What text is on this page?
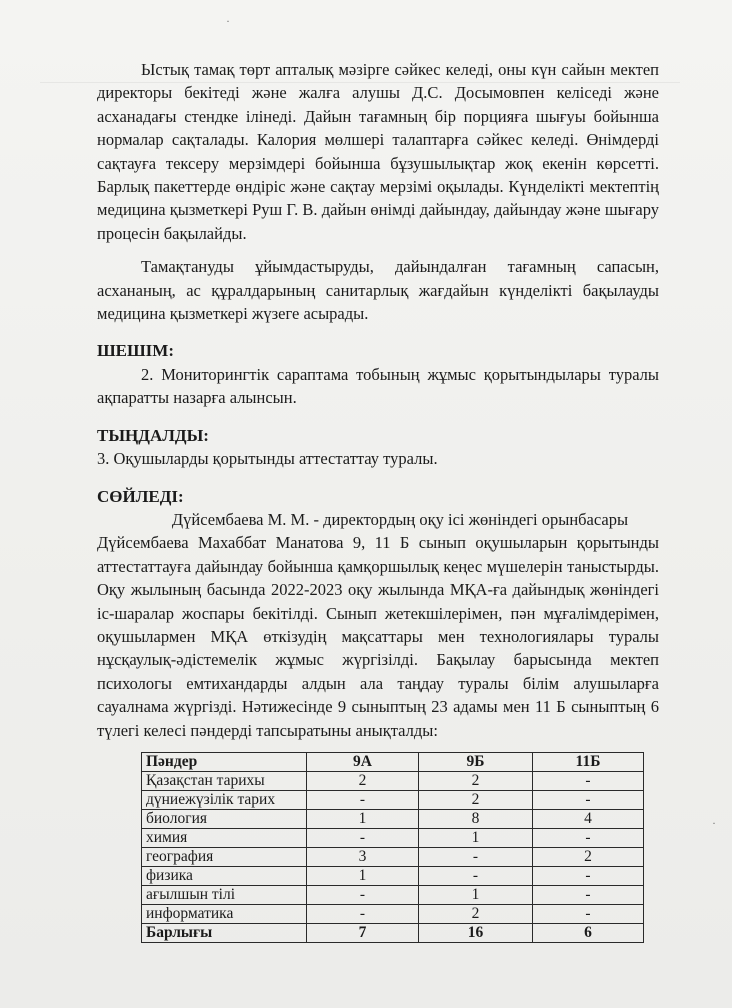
Ыстық тамақ төрт апталық мәзірге сәйкес келеді, оны күн сайын мектеп директоры бекітеді және жалға алушы Д.С. Досымовпен келіседі және асханадағы стендке ілінеді. Дайын тағамның бір порцияға шығуы бойынша нормалар сақталады. Калория мөлшері талаптарға сәйкес келеді. Өнімдерді сақтауға тексеру мерзімдері бойынша бұзушылықтар жоқ екенін көрсетті. Барлық пакеттерде өндіріс және сақтау мерзімі оқылады. Күнделікті мектептің медицина қызметкері Руш Г. В. дайын өнімді дайындау, дайындау және шығару процесін бақылайды.

Тамақтануды ұйымдастыруды, дайындалған тағамның сапасын, асхананың, ас құралдарының санитарлық жағдайын күнделікті бақылауды медицина қызметкері жүзеге асырады.

ШЕШІМ:

2. Мониторингтік сараптама тобының жұмыс қорытындылары туралы ақпаратты назарға алынсын.

ТЫҢДАЛДЫ:

3. Оқушыларды қорытынды аттестаттау туралы.

СӨЙЛЕДІ:

Дүйсембаева М. М. - директордың оқу ісі жөніндегі орынбасары

Дүйсембаева Махаббат Манатова 9, 11 Б сынып оқушыларын қорытынды аттестаттауға дайындау бойынша қамқоршылық кеңес мүшелерін таныстырды. Оқу жылының басында 2022-2023 оқу жылында МҚА-ға дайындық жөніндегі іс-шаралар жоспары бекітілді. Сынып жетекшілерімен, пән мұғалімдерімен, оқушылармен МҚА өткізудің мақсаттары мен технологиялары туралы нұсқаулық-әдістемелік жұмыс жүргізілді. Бақылау барысында мектеп психологы емтихандарды алдын ала таңдау туралы білім алушыларға сауалнама жүргізді. Нәтижесінде 9 сыныптың 23 адамы мен 11 Б сыныптың 6 түлегі келесі пәндерді тапсыратыны анықталды:

Пәндер	9А	9Б	11Б
Қазақстан тарихы	2	2	-
дүниежүзілік тарих	-	2	-
биология	1	8	4
химия	-	1	-
география	3	-	2
физика	1	-	-
ағылшын тілі	-	1	-
информатика	-	2	-
Барлығы	7	16	6
·
·
